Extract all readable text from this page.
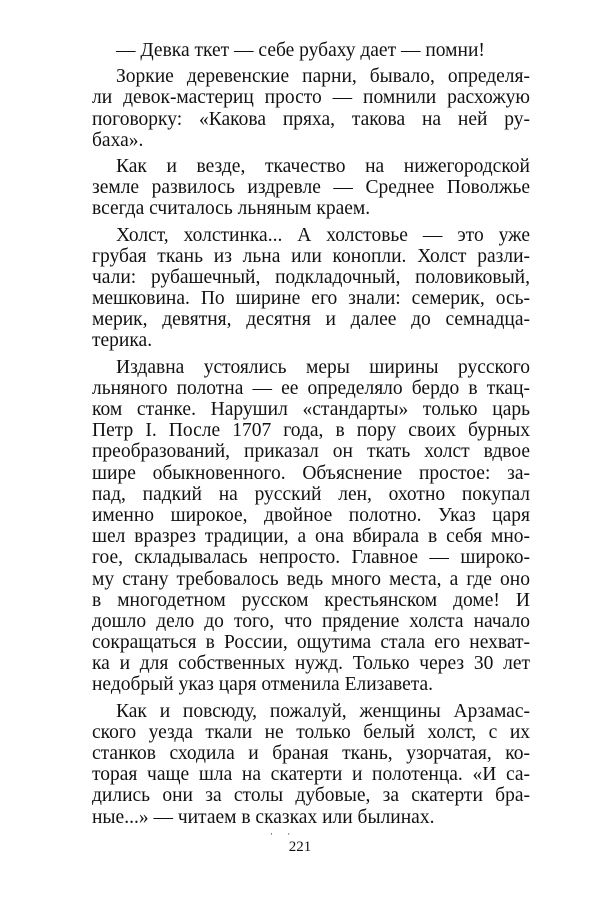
— Девка ткет — себе рубаху дает — помни!
Зоркие деревенские парни, бывало, определя-
ли девок-мастериц просто — помнили расхожую
поговорку: «Какова пряха, такова на ней ру-
баха».
Как и везде, ткачество на нижегородской
земле развилось издревле — Среднее Поволжье
всегда считалось льняным краем.
Холст, холстинка... А холстовье — это уже
грубая ткань из льна или конопли. Холст разли-
чали: рубашечный, подкладочный, половиковый,
мешковина. По ширине его знали: семерик, ось-
мерик, девятня, десятня и далее до семнадца-
терика.
Издавна устоялись меры ширины русского
льняного полотна — ее определяло бердо в ткац-
ком станке. Нарушил «стандарты» только царь
Петр I. После 1707 года, в пору своих бурных
преобразований, приказал он ткать холст вдвое
шире обыкновенного. Объяснение простое: за-
пад, падкий на русский лен, охотно покупал
именно широкое, двойное полотно. Указ царя
шел вразрез традиции, а она вбирала в себя мно-
гое, складывалась непросто. Главное — широко-
му стану требовалось ведь много места, а где оно
в многодетном русском крестьянском доме! И
дошло дело до того, что прядение холста начало
сокращаться в России, ощутима стала его нехват-
ка и для собственных нужд. Только через 30 лет
недобрый указ царя отменила Елизавета.
Как и повсюду, пожалуй, женщины Арзамас-
ского уезда ткали не только белый холст, с их
станков сходила и браная ткань, узорчатая, ко-
торая чаще шла на скатерти и полотенца. «И са-
дились они за столы дубовые, за скатерти бра-
ные...» — читаем в сказках или былинах.
· ·
221
